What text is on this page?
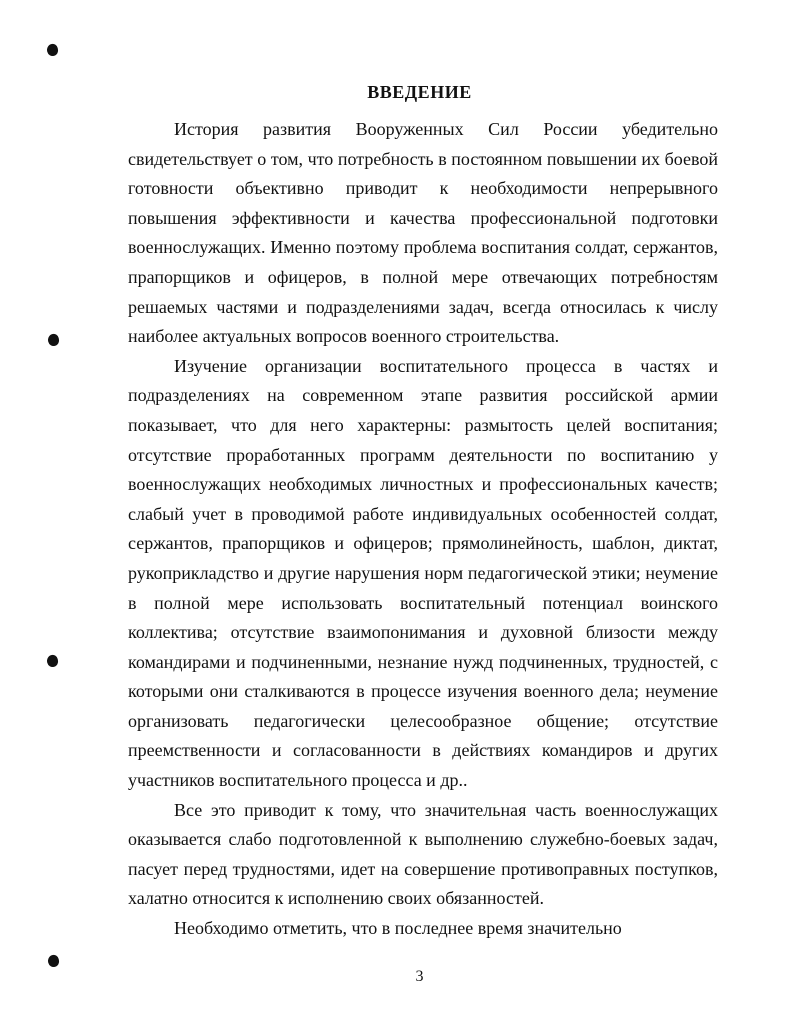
ВВЕДЕНИЕ

История развития Вооруженных Сил России убедительно свидетельствует о том, что потребность в постоянном повышении их боевой готовности объективно приводит к необходимости непрерывного повышения эффективности и качества профессиональной подготовки военнослужащих. Именно поэтому проблема воспитания солдат, сержантов, прапорщиков и офицеров, в полной мере отвечающих потребностям решаемых частями и подразделениями задач, всегда относилась к числу наиболее актуальных вопросов военного строительства.

Изучение организации воспитательного процесса в частях и подразделениях на современном этапе развития российской армии показывает, что для него характерны: размытость целей воспитания; отсутствие проработанных программ деятельности по воспитанию у военнослужащих необходимых личностных и профессиональных качеств; слабый учет в проводимой работе индивидуальных особенностей солдат, сержантов, прапорщиков и офицеров; прямолинейность, шаблон, диктат, рукоприкладство и другие нарушения норм педагогической этики; неумение в полной мере использовать воспитательный потенциал воинского коллектива; отсутствие взаимопонимания и духовной близости между командирами и подчиненными, незнание нужд подчиненных, трудностей, с которыми они сталкиваются в процессе изучения военного дела; неумение организовать педагогически целесообразное общение; отсутствие преемственности и согласованности в действиях командиров и других участников воспитательного процесса и др..

Все это приводит к тому, что значительная часть военнослужащих оказывается слабо подготовленной к выполнению служебно-боевых задач, пасует перед трудностями, идет на совершение противоправных поступков, халатно относится к исполнению своих обязанностей.

Необходимо отметить, что в последнее время значительно

3
